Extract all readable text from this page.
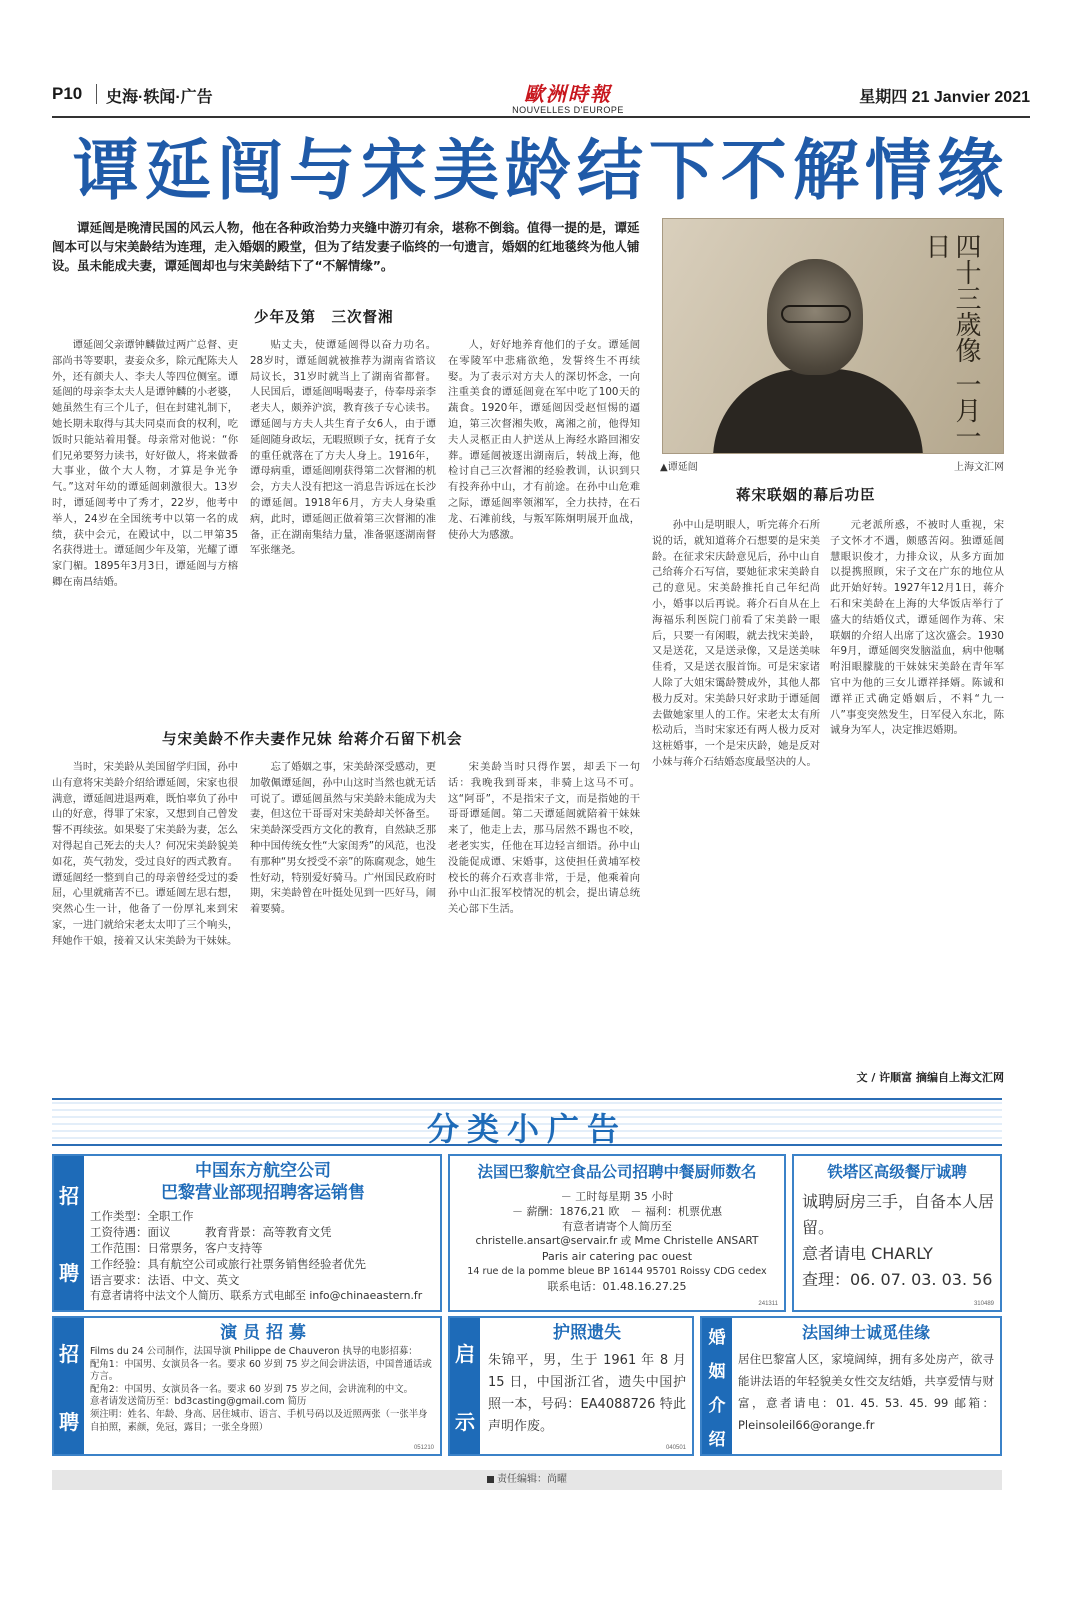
P10 史海·轶闻·广告	歐洲時報
NOUVELLES D'EUROPE
星期四 21 Janvier 2021
谭延闿与宋美龄结下不解情缘
谭延闿是晚清民国的风云人物，他在各种政治势力夹缝中游刃有余，堪称不倒翁。值得一提的是，谭延闿本可以与宋美龄结为连理，走入婚姻的殿堂，但为了结发妻子临终的一句遗言，婚姻的红地毯终为他人铺设。虽未能成夫妻，谭延闿却也与宋美龄结下了“不解情缘”。	四十三歲像 一月一日
▲谭延闿	上海文汇网
少年及第　三次督湘

谭延闿父亲谭钟麟做过两广总督、吏部尚书等要职，妻妾众多，除元配陈夫人外，还有颜夫人、李夫人等四位侧室。谭延闿的母亲李太夫人是谭钟麟的小老婆，她虽然生有三个儿子，但在封建礼制下，她长期未取得与其夫同桌而食的权利，吃饭时只能站着用餐。母亲常对他说：“你们兄弟要努力读书，好好做人，将来做番大事业，做个大人物，才算是争光争气。”这对年幼的谭延闿刺激很大。13岁时，谭延闿考中了秀才，22岁，他考中举人，24岁在全国统考中以第一名的成绩，获中会元，在殿试中，以二甲第35名获得进士。谭延闿少年及第，光耀了谭家门楣。1895年3月3日，谭延闿与方榕卿在南昌结婚。

贴丈夫，使谭延闿得以奋力功名。28岁时，谭延闿就被推荐为湖南省谘议局议长，31岁时就当上了湖南省都督。人民国后，谭延闿喝喝妻子，侍奉母亲李老夫人，颇养沪滨，教育孩子专心读书。谭延闿与方夫人共生育子女6人，由于谭延闿随身政坛，无暇照顾子女，抚育子女的重任就落在了方夫人身上。1916年，谭母病重，谭延闿刚获得第二次督湘的机会，方夫人没有把这一消息告诉远在长沙的谭延闿。1918年6月，方夫人身染重病，此时，谭延闿正做着第三次督湘的准备，正在湖南集结力量，准备驱逐湖南督军张继尧。

人，好好地养育他们的子女。谭延闿在零陵军中悲痛欲绝，发誓终生不再续娶。为了表示对方夫人的深切怀念，一向注重美食的谭延闿竟在军中吃了100天的蔬食。1920年，谭延闿因受赵恒惕的逼迫，第三次督湘失败，离湘之前，他得知夫人灵柩正由人护送从上海经水路回湘安葬。谭延闿被逐出湖南后，转战上海，他检讨自己三次督湘的经验教训，认识到只有投奔孙中山，才有前途。在孙中山危难之际，谭延闿率领湘军，全力扶持，在石龙、石滩前线，与叛军陈炯明展开血战，使孙大为感激。

与宋美龄不作夫妻作兄妹 给蒋介石留下机会

当时，宋美龄从美国留学归国，孙中山有意将宋美龄介绍给谭延闿，宋家也很满意，谭延闿进退两难，既怕辜负了孙中山的好意，得罪了宋家，又想到自己曾发誓不再续弦。如果娶了宋美龄为妻，怎么对得起自己死去的夫人？何况宋美龄貌美如花，英气勃发，受过良好的西式教育。谭延闿经一整到自己的母亲曾经受过的委屈，心里就痛苦不已。谭延闿左思右想，突然心生一计，他备了一份厚礼来到宋家，一进门就给宋老太太叩了三个响头，拜她作干娘，接着又认宋美龄为干妹妹。

忘了婚姻之事，宋美龄深受感动，更加敬佩谭延闿，孙中山这时当然也就无话可说了。谭延闿虽然与宋美龄未能成为夫妻，但这位干哥哥对宋美龄却关怀备至。宋美龄深受西方文化的教育，自然缺乏那种中国传统女性“大家闺秀”的风范，也没有那种“男女授受不亲”的陈腐观念，她生性好动，特别爱好骑马。广州国民政府时期，宋美龄曾在叶挺处见到一匹好马，闹着要骑。

宋美龄当时只得作罢，却丢下一句话：我晚我到哥来，非骑上这马不可。这“阿哥”，不是指宋子文，而是指她的干哥哥谭延闿。第二天谭延闿就陪着干妹妹来了，他走上去，那马居然不踢也不咬，老老实实，任他在耳边轻言细语。孙中山没能促成谭、宋婚事，这使担任黄埔军校校长的蒋介石欢喜非常，于是，他乘着向孙中山汇报军校情况的机会，提出请总统关心部下生活。

蒋宋联姻的幕后功臣

孙中山是明眼人，听完蒋介石所说的话，就知道蒋介石想要的是宋美龄。在征求宋庆龄意见后，孙中山自己给蒋介石写信，要她征求宋美龄自己的意见。宋美龄推托自己年纪尚小，婚事以后再说。蒋介石自从在上海福乐利医院门前看了宋美龄一眼后，只要一有闲暇，就去找宋美龄，又是送花，又是送录像，又是送美味佳肴，又是送衣服首饰。可是宋家诸人除了大姐宋霭龄赞成外，其他人都极力反对。宋美龄只好求助于谭延闿去做她家里人的工作。宋老太太有所松动后，当时宋家还有两人极力反对这桩婚事，一个是宋庆龄，她是反对小妹与蒋介石结婚态度最坚决的人。

元老派所惑，不被时人重视，宋子文怀才不遇，颇感苦闷。独谭延闿慧眼识俊才，力排众议，从多方面加以提携照顾，宋子文在广东的地位从此开始好转。1927年12月1日，蒋介石和宋美龄在上海的大华饭店举行了盛大的结婚仪式，谭延闿作为蒋、宋联姻的介绍人出席了这次盛会。1930年9月，谭延闿突发脑溢血，病中他嘱咐泪眼朦胧的干妹妹宋美龄在青年军官中为他的三女儿谭祥择婿。陈诚和谭祥正式确定婚姻后，不料“九一八”事变突然发生，日军侵入东北，陈诚身为军人，决定推迟婚期。

文 / 许顺富 摘编自上海文汇网
分类小广告
招
聘
中国东方航空公司
巴黎营业部现招聘客运销售
工作类型：全职工作
工资待遇：面议　　　教育背景：高等教育文凭
工作范围：日常票务，客户支持等
工作经验：具有航空公司或旅行社票务销售经验者优先
语言要求：法语、中文、英文
有意者请将中法文个人简历、联系方式电邮至 info@chinaeastern.fr
法国巴黎航空食品公司招聘中餐厨师数名
－ 工时每星期 35 小时
－ 薪酬：1876,21 欧　－ 福利：机票优惠
有意者请寄个人简历至
christelle.ansart@servair.fr 或 Mme Christelle ANSART
Paris air catering pac ouest
14 rue de la pomme bleue BP 16144 95701 Roissy CDG cedex
联系电话：01.48.16.27.25
241311
铁塔区高级餐厅诚聘
诚聘厨房三手，自备本人居留。
意者请电 CHARLY
查理：06. 07. 03. 03. 56
310489
招
聘
演 员 招 募
Films du 24 公司制作，法国导演 Philippe de Chauveron 执导的电影招募：
配角1：中国男、女演员各一名。要求 60 岁到 75 岁之间会讲法语，中国普通话或方言。
配角2：中国男、女演员各一名。要求 60 岁到 75 岁之间，会讲流利的中文。
意者请发送简历至：bd3casting@gmail.com 简历
须注明：姓名、年龄、身高、居住城市、语言、手机号码以及近照两张（一张半身自拍照，素颜，免冠，露目；一张全身照）
051210
启
示
护照遗失
朱锦平，男，生于 1961 年 8 月 15 日，中国浙江省，遗失中国护照一本，号码：EA4088726 特此声明作废。
040501
婚
姻
介
绍
法国绅士诚觅佳缘
居住巴黎富人区，家境阔绰，拥有多处房产，欲寻能讲法语的年轻貌美女性交友结婚，共享爱情与财富，意者请电：01. 45. 53. 45. 99 邮箱：Pleinsoleil66@orange.fr
责任编辑：尚曜
